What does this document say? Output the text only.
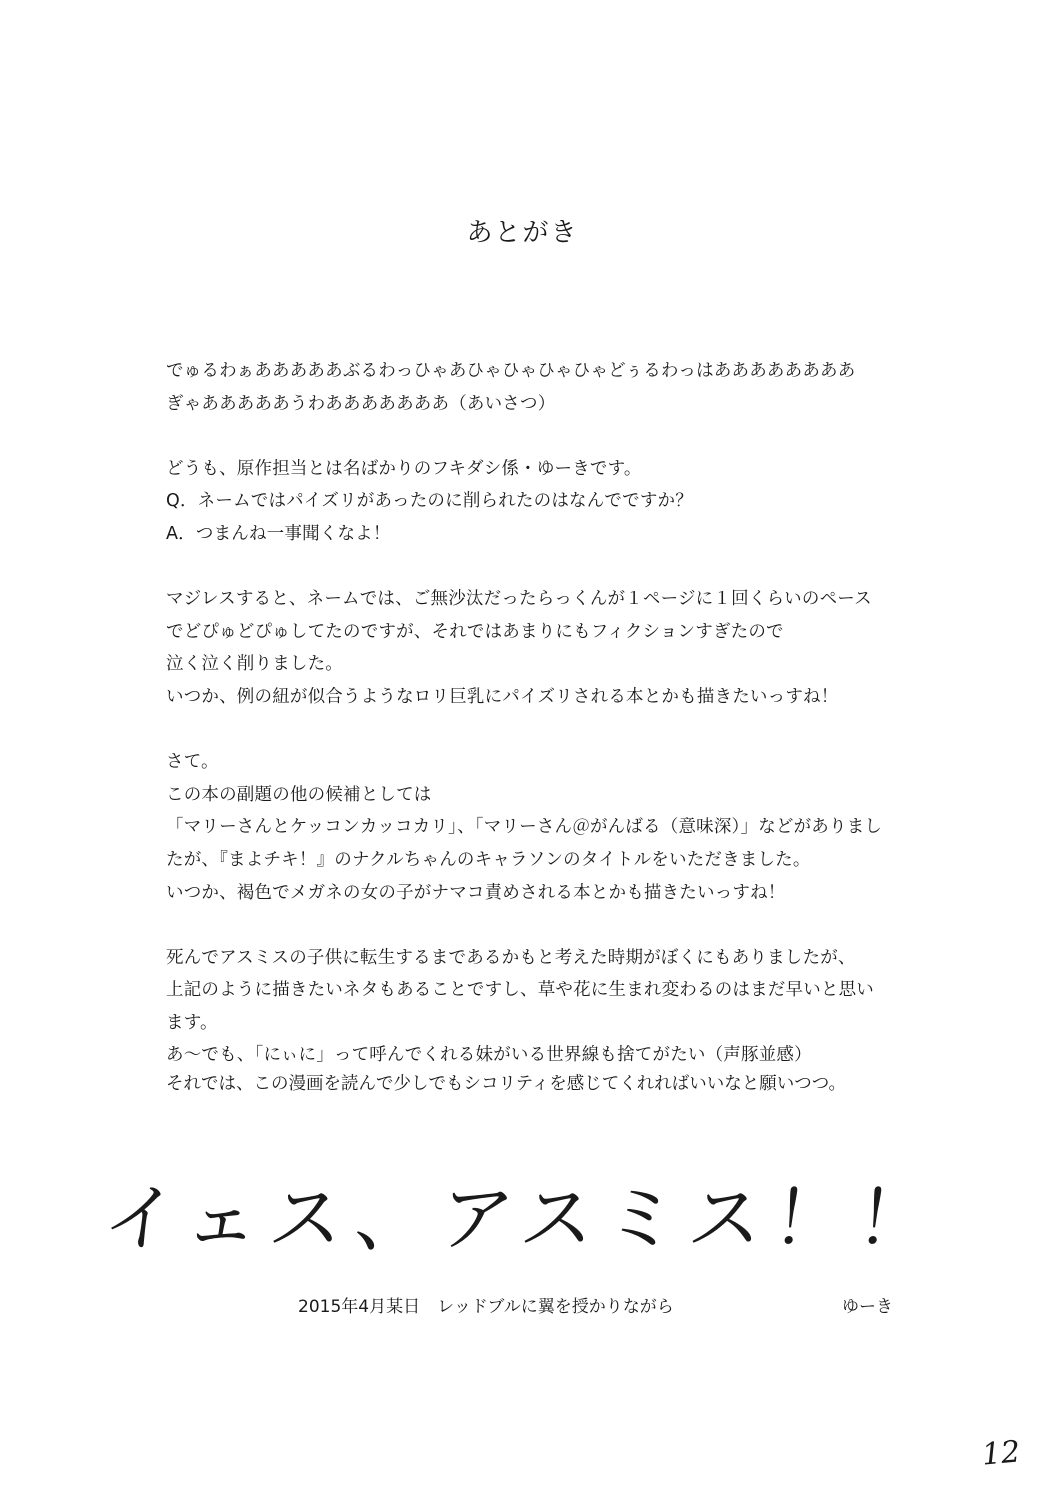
あとがき
でゅるわぁあああああぶるわっひゃあひゃひゃひゃひゃどぅるわっはああああああああ
ぎゃあああああうわあああああああ（あいさつ）
どうも、原作担当とは名ばかりのフキダシ係・ゆーきです。
Q．ネームではパイズリがあったのに削られたのはなんでですか？
A．つまんね一事聞くなよ！
マジレスすると、ネームでは、ご無沙汰だったらっくんが１ページに１回くらいのペース
でどぴゅどぴゅしてたのですが、それではあまりにもフィクションすぎたので
泣く泣く削りました。
いつか、例の紐が似合うようなロリ巨乳にパイズリされる本とかも描きたいっすね！
さて。
この本の副題の他の候補としては
「マリーさんとケッコンカッコカリ」、「マリーさん＠がんばる（意味深）」などがありまし
たが、『まよチキ！』のナクルちゃんのキャラソンのタイトルをいただきました。
いつか、褐色でメガネの女の子がナマコ責めされる本とかも描きたいっすね！
死んでアスミスの子供に転生するまであるかもと考えた時期がぼくにもありましたが、
上記のように描きたいネタもあることですし、草や花に生まれ変わるのはまだ早いと思い
ます。
あ～でも、「にぃに」って呼んでくれる妹がいる世界線も捨てがたい（声豚並感）
それでは、この漫画を読んで少しでもシコリティを感じてくれればいいなと願いつつ。
イェス、アスミス！！
2015年4月某日　レッドブルに翼を授かりながら	ゆーき
12
